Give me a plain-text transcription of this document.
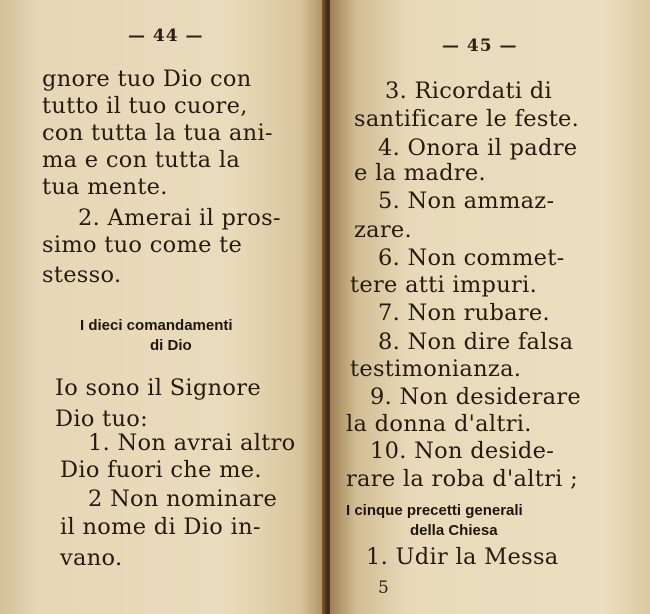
— 44 —
gnore tuo Dio con
tutto il tuo cuore,
con tutta la tua ani-
ma e con tutta la
tua mente.
2. Amerai il pros-
simo tuo come te
stesso.
I dieci comandamenti
di Dio
Io sono il Signore
Dio tuo:
1. Non avrai altro
Dio fuori che me.
2 Non nominare
il nome di Dio in-
vano.
— 45 —
3. Ricordati di
santificare le feste.
4. Onora il padre
e la madre.
5. Non ammaz-
zare.
6. Non commet-
tere atti impuri.
7. Non rubare.
8. Non dire falsa
testimonianza.
9. Non desiderare
la donna d'altri.
10. Non deside-
rare la roba d'altri ;
I cinque precetti generali
della Chiesa
1. Udir la Messa
5
